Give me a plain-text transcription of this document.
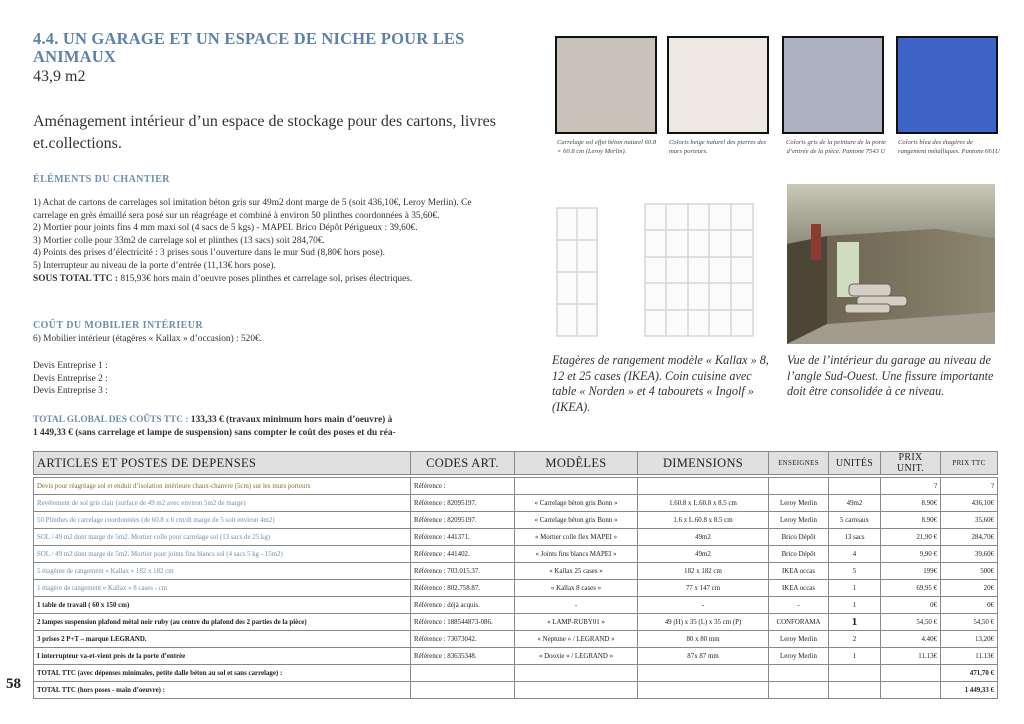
4.4. UN GARAGE ET UN ESPACE DE NICHE POUR LES ANIMAUX
43,9 m2
Aménagement intérieur d’un espace de stockage pour des cartons, livres et.collections.
ÉLÉMENTS DU CHANTIER
1) Achat de cartons de carrelages sol imitation béton gris sur 49m2 dont marge de 5 (soit 436,10€, Leroy Merlin). Ce carrelage en grès émaillé sera posé sur un réagréage et combiné à environ 50 plinthes coordonnées à 35,60€.
2) Mortier pour joints fins 4 mm maxi sol (4 sacs de 5 kgs) - MAPEI. Brico Dépôt Périgueux : 39,60€.
3) Mortier colle pour 33m2 de carrelage sol et plinthes (13 sacs) soit 284,70€.
4) Points des prises d’électricité : 3 prises sous l’ouverture dans le mur Sud (8,80€ hors pose).
5) Interrupteur au niveau de la porte d’entrée (11,13€ hors pose).
SOUS TOTAL TTC : 815,93€ hors main d’oeuvre poses plinthes et carrelage sol, prises électriques.
COÛT DU MOBILIER INTÉRIEUR
6) Mobilier intérieur (étagères « Kallax » d’occasion) : 520€.
Devis Entreprise 1 :
Devis Entreprise 2 :
Devis Entreprise 3 :
TOTAL GLOBAL DES COÛTS TTC : 133,33 € (travaux minimum hors main d’oeuvre) à
1 449,33 € (sans carrelage et lampe de suspension) sans compter le coût des poses et du réa-
Carrelage sol effet béton naturel 60.8 × 60.8 cm (Leroy Merlin).
Coloris beige naturel des pierres des murs porteurs.
Coloris gris de la peinture de la porte d’entrée de la pièce. Pantone 7543 U
Coloris bleu des étagères de rangement métalliques. Pantone 661U
Etagères de rangement modèle « Kallax » 8, 12 et 25 cases (IKEA). Coin cuisine avec table « Norden » et 4 tabourets « Ingolf » (IKEA).
Vue de l’intérieur du garage au niveau de l’angle Sud-Ouest. Une fissure importante doit être consolidée à ce niveau.
ARTICLES ET POSTES DE DEPENSES	CODES ART.	MODÈLES	DIMENSIONS	ENSEIGNES	UNITÉS	PRIX UNIT.	PRIX TTC

Devis pour réagréage sol et enduit d’isolation intérieure chaux-chanvre (5cm) sur les murs porteurs	Référence :					?	?
Revêtement de sol gris clair (surface de 49 m2 avec environ 5m2 de marge)	Référence : 82095197.	« Carrelage béton gris Bonn »	1.60.8 x L.60.8 x 8.5 cm	Leroy Merlin	49m2	8.90€	436,10€
50 Plinthes de carrelage coordonnées (de 60.8 x 6 cm/dt marge de 5 soit environ 4m2)	Référence : 82095197.	« Carrelage béton gris Bonn »	1.6 x L.60.8 x 8.5 cm	Leroy Merlin	5 carreaux	8.90€	35,60€
SOL / 49 m2 dont marge de 5m2. Mortier colle pour carrelage sol (13 sacs de 25 kg)	Référence : 441371.	« Mortier colle flex MAPEI »	49m2	Brico Dépôt	13 sacs	21,90 €	284,70€
SOL / 49 m2 dont marge de 5m2. Mortier pour joints fins blancs sol (4 sacs 5 kg - 15m2)	Référence : 441402.	« Joints fins blancs MAPEI »	49m2	Brico Dépôt	4	9,90 €	39,60€
5 étagères de rangement « Kallax » 182 x 182 cm	Référence : 703.015.37.	« Kallax 25 cases »	182 x 182 cm	IKEA occas	5	199€	500€
1 étagère de rangement « Kallax » 8 cases - cm	Référence : 802.758.87.	« Kallax 8 cases »	77 x 147 cm	IKEA occas	1	69,95 €	20€
1 table de travail ( 60 x 150 cm)	Référence : déjà acquis.	-	-	-	1	0€	0€
2 lampes suspension plafond métal noir ruby (au centre du plafond des 2 parties de la pièce)	Référence : 188544873-086.	« LAMP-RUBY01 »	49 (H) x 35 (L) x 35 cm (P)	CONFORAMA	1	54,50 €	54,50 €
3 prises 2 P+T – marque LEGRAND.	Référence : 73073042.	« Neptune » / LEGRAND »	80 x 80 mm	Leroy Merlin	2	4.40€	13,20€
I interrupteur va-et-vient près de la porte d’entrée	Référence : 83635348.	« Dooxie » / LEGRAND »	87x 87 mm	Leroy Merlin	1	11.13€	11.13€
TOTAL TTC (avec dépenses minimales, petite dalle béton au sol et sans carrelage) :							471,70 €
TOTAL TTC (hors poses - main d’oeuvre) :							1 449,33 €
58
